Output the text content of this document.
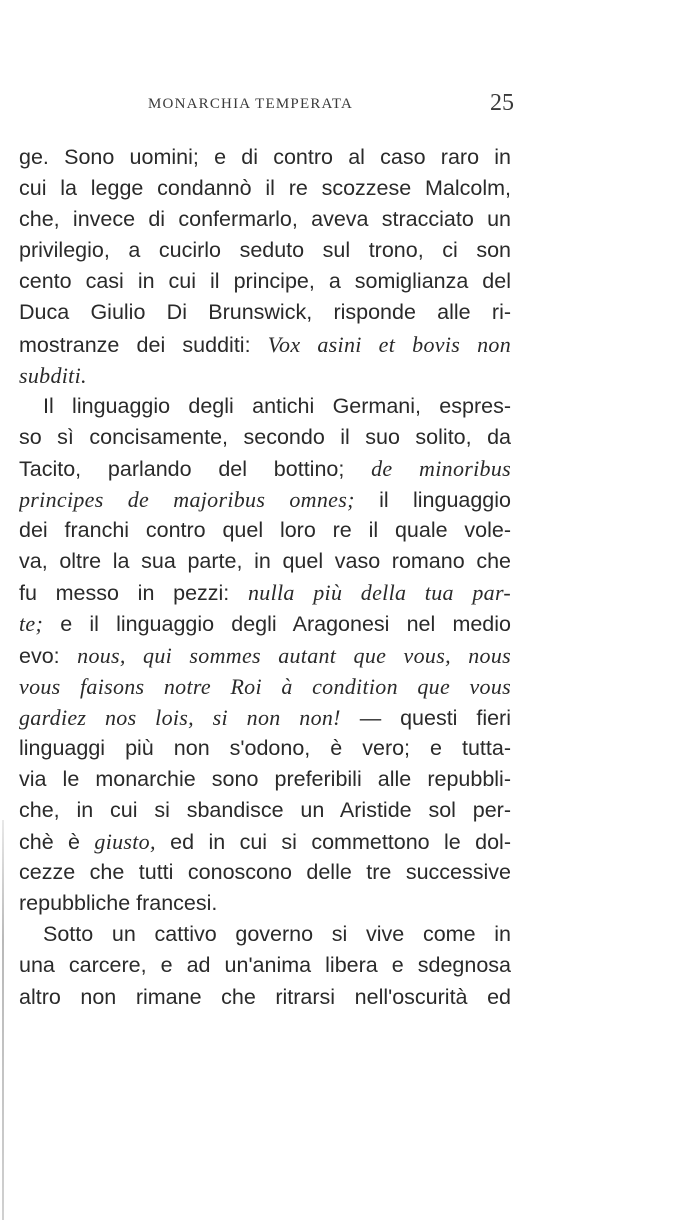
MONARCHIA TEMPERATA	25
ge. Sono uomini; e di contro al caso raro in
cui la legge condannò il re scozzese Malcolm,
che, invece di confermarlo, aveva stracciato un
privilegio, a cucirlo seduto sul trono, ci son
cento casi in cui il principe, a somiglianza del
Duca Giulio Di Brunswick, risponde alle ri-
mostranze dei sudditi: Vox asini et bovis non
subditi.
Il linguaggio degli antichi Germani, espres-
so sì concisamente, secondo il suo solito, da
Tacito, parlando del bottino; de minoribus
principes de majoribus omnes; il linguaggio
dei franchi contro quel loro re il quale vole-
va, oltre la sua parte, in quel vaso romano che
fu messo in pezzi: nulla più della tua par-
te; e il linguaggio degli Aragonesi nel medio
evo: nous, qui sommes autant que vous, nous
vous faisons notre Roi à condition que vous
gardiez nos lois, si non non! — questi fieri
linguaggi più non s'odono, è vero; e tutta-
via le monarchie sono preferibili alle repubbli-
che, in cui si sbandisce un Aristide sol per-
chè è giusto, ed in cui si commettono le dol-
cezze che tutti conoscono delle tre successive
repubbliche francesi.
Sotto un cattivo governo si vive come in
una carcere, e ad un'anima libera e sdegnosa
altro non rimane che ritrarsi nell'oscurità ed
